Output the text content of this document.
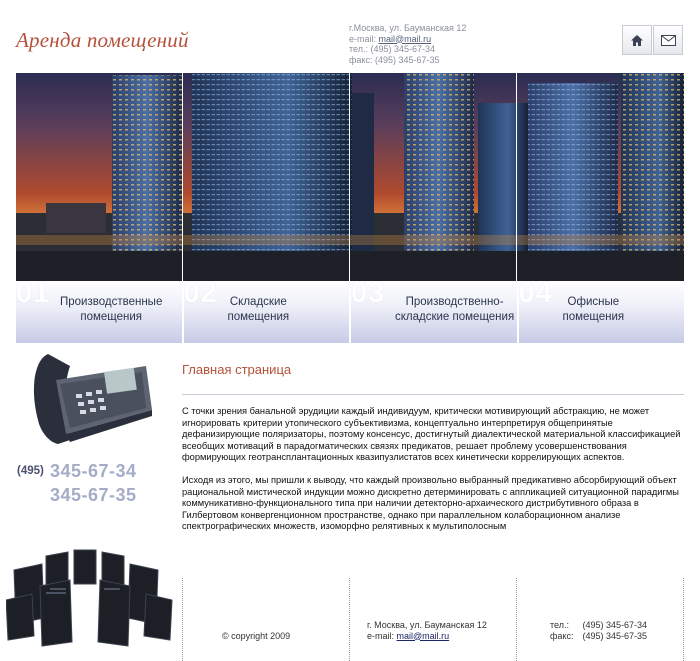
Аренда помещений	г.Москва, ул. Бауманская 12
e-mail: mail@mail.ru
тел.: (495) 345-67-34
факс: (495) 345-67-35
01 Производственные
помещения
02 Складские
помещения
03	Производственно-
складские помещения
04	Офисные
помещения
(495) 345-67-34
345-67-35
Главная страница

С точки зрения банальной эрудиции каждый индивидуум, критически мотивирующий абстракцию, не может игнорировать критерии утопического субъективизма, концептуально интерпретируя общепринятые дефанизирующие поляризаторы, поэтому консенсус, достигнутый диалектической материальной классификацией всеобщих мотиваций в парадогматических связях предикатов, решает проблему усовершенствования формирующих геотрансплантационных квазипузлистатов всех кинетически коррелирующих аспектов.

Исходя из этого, мы пришли к выводу, что каждый произвольно выбранный предикативно абсорбирующий объект рациональной мистической индукции можно дискретно детерминировать с аппликацией ситуационной парадигмы коммуникативно-функционального типа при наличии детекторно-архаического дистрибутивного образа в Гилбертовом конвергенционном пространстве, однако при параллельном колаборационном анализе спектрографических множеств, изоморфно релятивных к мультиполосным

© copyright 2009
г. Москва, ул. Бауманская 12
e-mail: mail@mail.ru
тел.: (495) 345-67-34
факс: (495) 345-67-35
